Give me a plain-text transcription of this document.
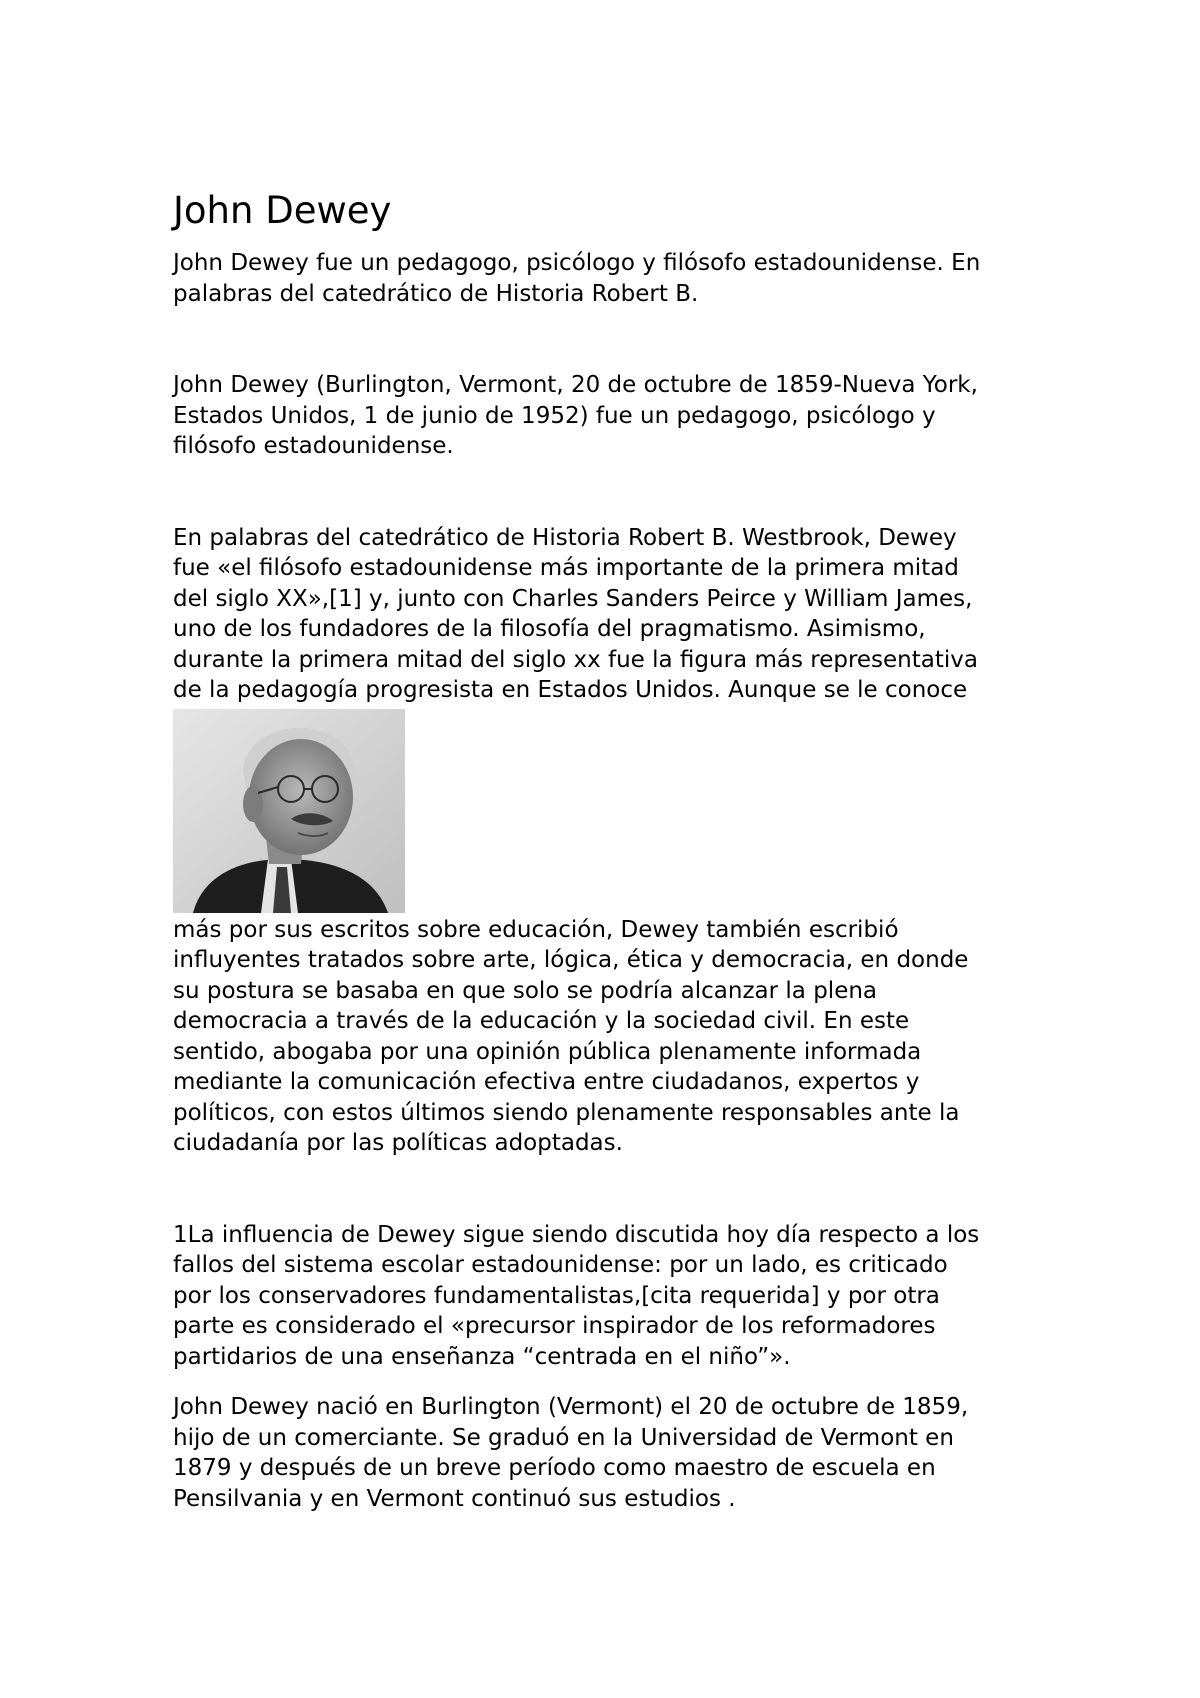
John Dewey

John Dewey fue un pedagogo, psicólogo y filósofo estadounidense. En
palabras del catedrático de Historia Robert B.

John Dewey (Burlington, Vermont, 20 de octubre de 1859-Nueva York,
Estados Unidos, 1 de junio de 1952) fue un pedagogo, psicólogo y
filósofo estadounidense.

En palabras del catedrático de Historia Robert B. Westbrook, Dewey
fue «el filósofo estadounidense más importante de la primera mitad
del siglo XX»,[1] y, junto con Charles Sanders Peirce y William James,
uno de los fundadores de la filosofía del pragmatismo. Asimismo,
durante la primera mitad del siglo xx fue la figura más representativa
de la pedagogía progresista en Estados Unidos. Aunque se le conoce

más por sus escritos sobre educación, Dewey también escribió
influyentes tratados sobre arte, lógica, ética y democracia, en donde
su postura se basaba en que solo se podría alcanzar la plena
democracia a través de la educación y la sociedad civil. En este
sentido, abogaba por una opinión pública plenamente informada
mediante la comunicación efectiva entre ciudadanos, expertos y
políticos, con estos últimos siendo plenamente responsables ante la
ciudadanía por las políticas adoptadas.

1La influencia de Dewey sigue siendo discutida hoy día respecto a los
fallos del sistema escolar estadounidense: por un lado, es criticado
por los conservadores fundamentalistas,[cita requerida] y por otra
parte es considerado el «precursor inspirador de los reformadores
partidarios de una enseñanza “centrada en el niño”».

John Dewey nació en Burlington (Vermont) el 20 de octubre de 1859,
hijo de un comerciante. Se graduó en la Universidad de Vermont en
1879 y después de un breve período como maestro de escuela en
Pensilvania y en Vermont continuó sus estudios .
